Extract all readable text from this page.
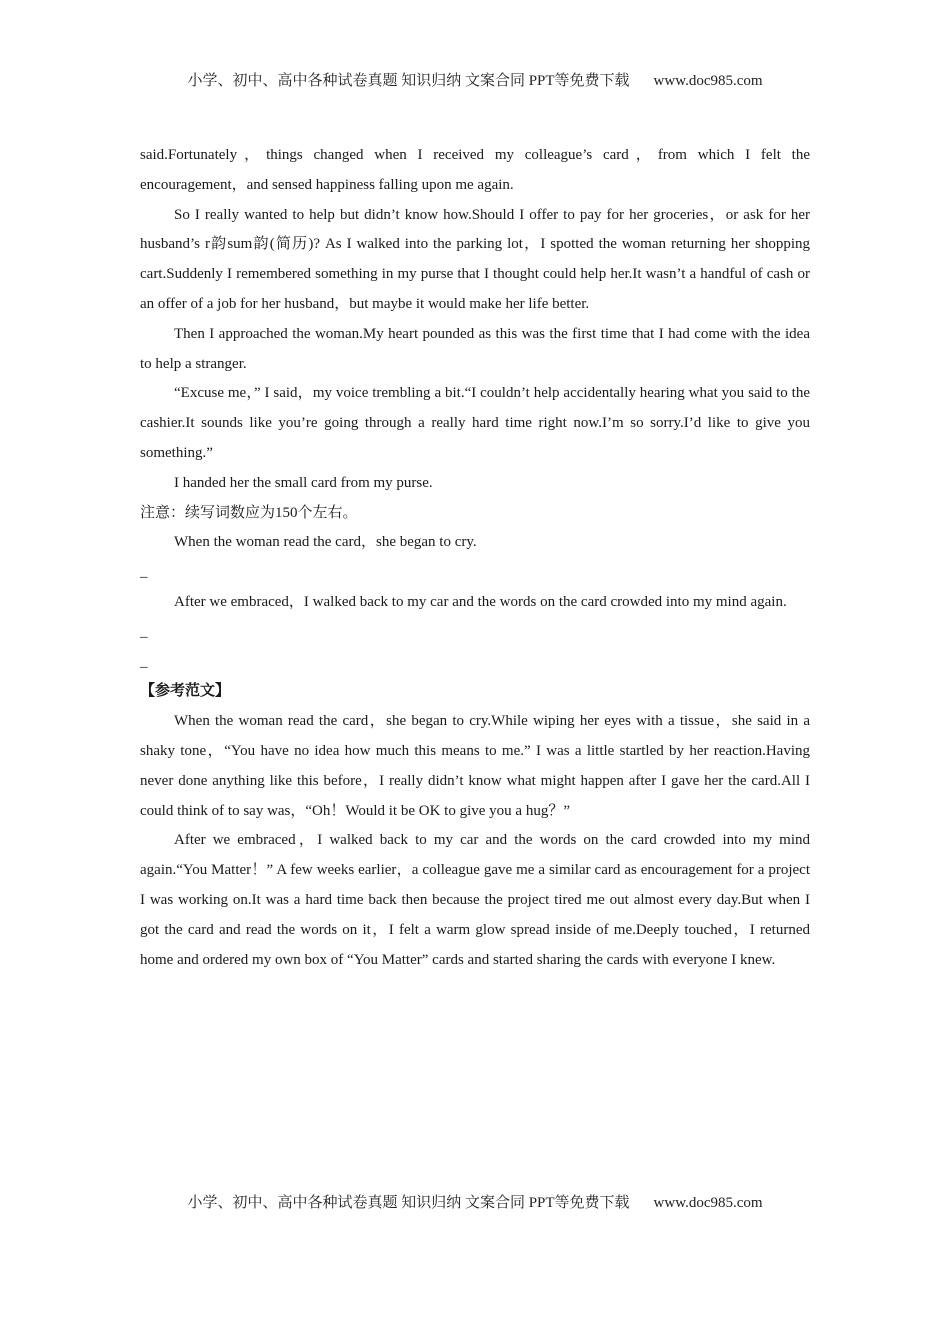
小学、初中、高中各种试卷真题 知识归纳 文案合同 PPT等免费下载 www.doc985.com

said.Fortunately，things changed when I received my colleague’s card，from which I felt the encouragement，and sensed happiness falling upon me again.

So I really wanted to help but didn’t know how.Should I offer to pay for her groceries，or ask for her husband’s r韵sum韵(简历)? As I walked into the parking lot，I spotted the woman returning her shopping cart.Suddenly I remembered something in my purse that I thought could help her.It wasn’t a handful of cash or an offer of a job for her husband，but maybe it would make her life better.

Then I approached the woman.My heart pounded as this was the first time that I had come with the idea to help a stranger.

“Excuse me，” I said，my voice trembling a bit.“I couldn’t help accidentally hearing what you said to the cashier.It sounds like you’re going through a really hard time right now.I’m so sorry.I’d like to give you something.”

I handed her the small card from my purse.

注意：续写词数应为150个左右。

When the woman read the card，she began to cry.

_

After we embraced，I walked back to my car and the words on the card crowded into my mind again.

_

_

【参考范文】

When the woman read the card，she began to cry.While wiping her eyes with a tissue，she said in a shaky tone，“You have no idea how much this means to me.” I was a little startled by her reaction.Having never done anything like this before，I really didn’t know what might happen after I gave her the card.All I could think of to say was，“Oh！Would it be OK to give you a hug？”

After we embraced，I walked back to my car and the words on the card crowded into my mind again.“You Matter！” A few weeks earlier，a colleague gave me a similar card as encouragement for a project I was working on.It was a hard time back then because the project tired me out almost every day.But when I got the card and read the words on it，I felt a warm glow spread inside of me.Deeply touched，I returned home and ordered my own box of “You Matter” cards and started sharing the cards with everyone I knew.

小学、初中、高中各种试卷真题 知识归纳 文案合同 PPT等免费下载 www.doc985.com
